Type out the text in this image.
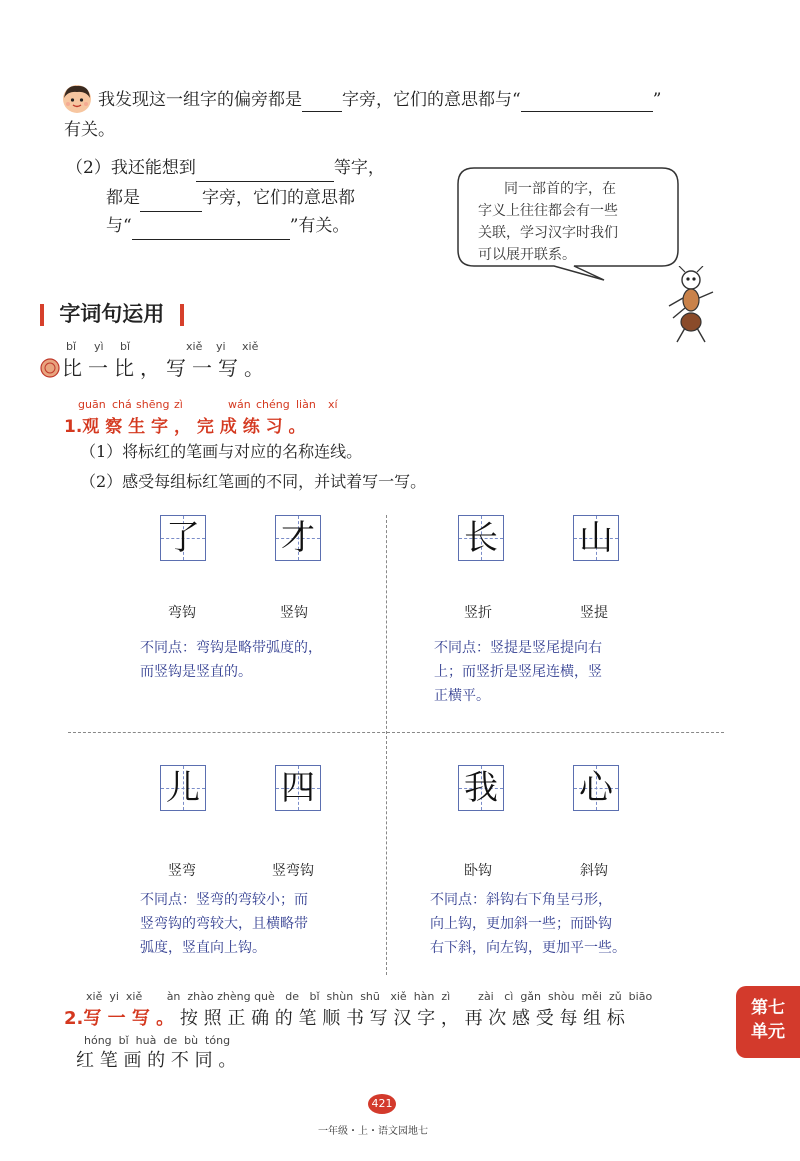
我发现这一组字的偏旁都是 字旁，它们的意思都与“	”
有关。
（2）我还能想到	等字，
都是	字旁，它们的意思都
与“	”有关。
同一部首的字，在
字义上往往都会有一些
关联，学习汉字时我们
可以展开联系。
字词句运用
bǐ yì bǐ	xiě yi xiě
比一比，写一写。
guān chá shēng zì	wán chéng liàn xí
1.观 察 生 字 ， 完 成 练 习 。
（1）将标红的笔画与对应的名称连线。
（2）感受每组标红笔画的不同，并试着写一写。
了 才
弯钩	竖钩
不同点：弯钩是略带弧度的，
而竖钩是竖直的。
长 山
竖折	竖提
不同点：竖提是竖尾提向右
上；而竖折是竖尾连横，竖
正横平。
儿 四
竖弯	竖弯钩
不同点：竖弯的弯较小；而
竖弯钩的弯较大，且横略带
弧度，竖直向上钩。
我 心
卧钩	斜钩
不同点：斜钩右下角呈弓形，
向上钩，更加斜一些；而卧钩
右下斜，向左钩，更加平一些。
xiě  yi  xiě       àn  zhào zhèng què   de   bǐ  shùn  shū   xiě  hàn  zì        zài   cì  gǎn  shòu  měi  zǔ  biāo
2.写 一 写 。 按 照 正 确 的 笔 顺 书 写 汉 字 ， 再 次 感 受 每 组 标
hóng  bǐ  huà  de  bù  tóng
红 笔 画 的 不 同 。
第七
单元
421
一年级・上・语文园地七
